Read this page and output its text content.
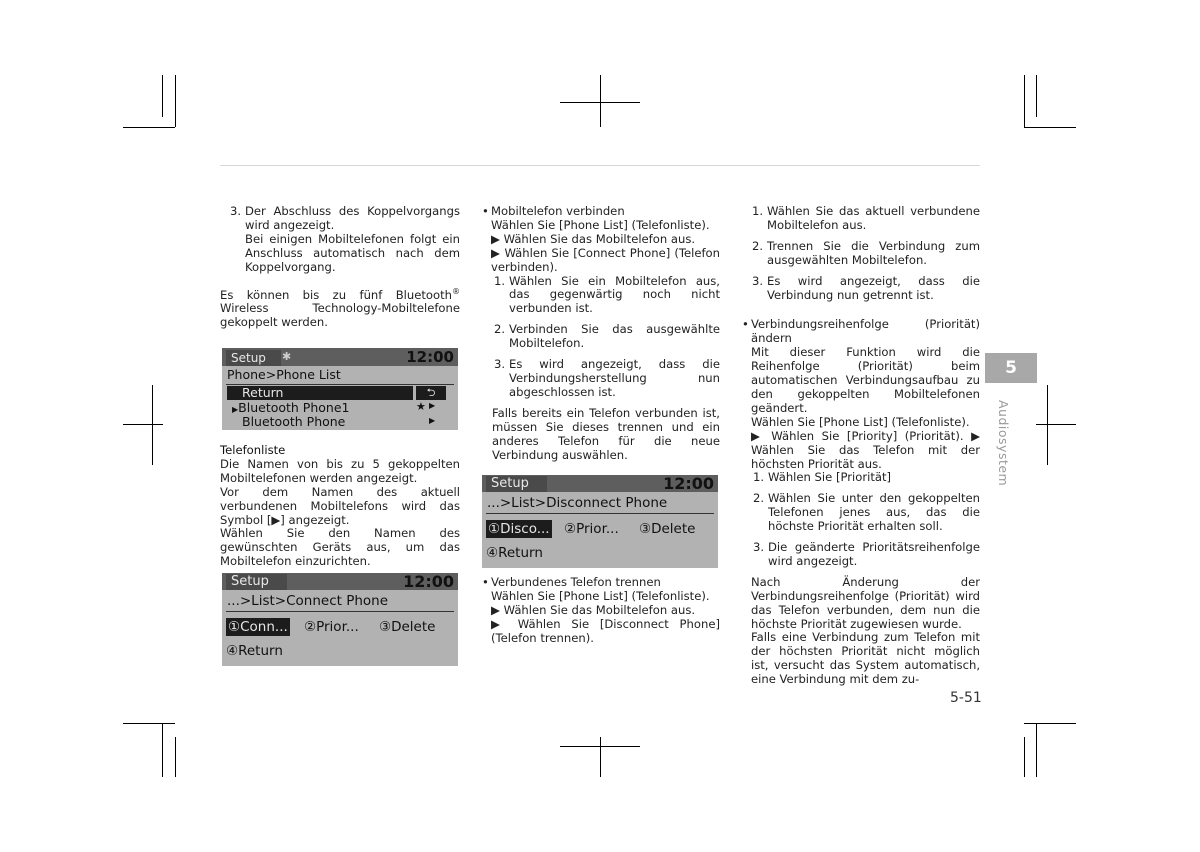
3. Der Abschluss des Koppelvorgangs wird angezeigt.
Bei einigen Mobiltelefonen folgt ein Anschluss automatisch nach dem Koppelvorgang.

Es können bis zu fünf Bluetooth® Wireless Technology-Mobiltelefone gekoppelt werden.

Setup	✱	12:00
Phone>Phone List
Return	⮌
▶Bluetooth Phone1	★ ▶
Bluetooth Phone	▶

Telefonliste

Die Namen von bis zu 5 gekoppelten Mobiltelefonen werden angezeigt.

Vor dem Namen des aktuell verbundenen Mobiltelefons wird das Symbol [▶] angezeigt.

Wählen Sie den Namen des gewünschten Geräts aus, um das Mobiltelefon einzurichten.

Setup	12:00
...>List>Connect Phone
①Conn... ②Prior... ③Delete
④Return
• Mobiltelefon verbinden

Wählen Sie [Phone List] (Telefonliste).

▶ Wählen Sie das Mobiltelefon aus.

▶ Wählen Sie [Connect Phone] (Telefon verbinden).

1. Wählen Sie ein Mobiltelefon aus, das gegenwärtig noch nicht verbunden ist.
2. Verbinden Sie das ausgewählte Mobiltelefon.
3. Es wird angezeigt, dass die Verbindungsherstellung nun abgeschlossen ist.

Falls bereits ein Telefon verbunden ist, müssen Sie dieses trennen und ein anderes Telefon für die neue Verbindung auswählen.

Setup	12:00
...>List>Disconnect Phone
①Disco... ②Prior... ③Delete
④Return
• Verbundenes Telefon trennen

Wählen Sie [Phone List] (Telefonliste).

▶ Wählen Sie das Mobiltelefon aus.

▶ Wählen Sie [Disconnect Phone] (Telefon trennen).

1. Wählen Sie das aktuell verbundene Mobiltelefon aus.
2. Trennen Sie die Verbindung zum ausgewählten Mobiltelefon.
3. Es wird angezeigt, dass die Verbindung nun getrennt ist.
• Verbindungsreihenfolge	(Priorität)

ändern

Mit dieser Funktion wird die Reihenfolge (Priorität) beim automatischen Verbindungsaufbau zu den gekoppelten Mobiltelefonen geändert.

Wählen Sie [Phone List] (Telefonliste).

▶ Wählen Sie [Priority] (Priorität). ▶ Wählen Sie das Telefon mit der höchsten Priorität aus.

1. Wählen Sie [Priorität]
2. Wählen Sie unter den gekoppelten Telefonen jenes aus, das die höchste Priorität erhalten soll.
3. Die geänderte Prioritätsreihenfolge wird angezeigt.

Nach Änderung der Verbindungsreihenfolge (Priorität) wird das Telefon verbunden, dem nun die höchste Priorität zugewiesen wurde.

Falls eine Verbindung zum Telefon mit der höchsten Priorität nicht möglich ist, versucht das System automatisch, eine Verbindung mit dem zu-

5
Audiosystem
5-51
